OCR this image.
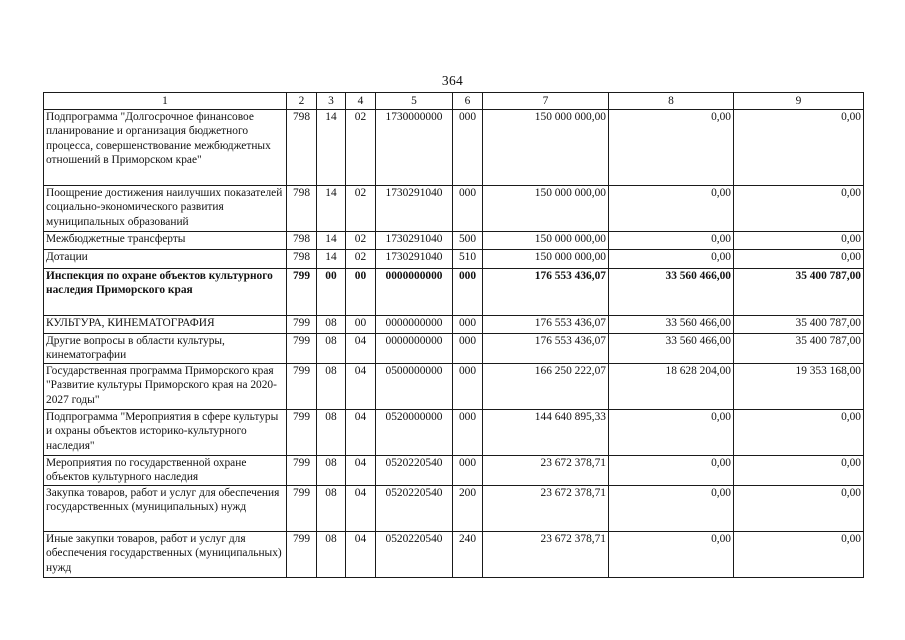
364
1	2	3	4	5	6	7	8	9
Подпрограмма "Долгосрочное финансовое планирование и организация бюджетного процесса, совершенствование межбюджетных отношений в Приморском крае"	798	14	02	1730000000	000	150 000 000,00	0,00	0,00
Поощрение достижения наилучших показателей социально-экономического развития муниципальных образований	798	14	02	1730291040	000	150 000 000,00	0,00	0,00
Межбюджетные трансферты	798	14	02	1730291040	500	150 000 000,00	0,00	0,00
Дотации	798	14	02	1730291040	510	150 000 000,00	0,00	0,00
Инспекция по охране объектов культурного наследия Приморского края	799	00	00	0000000000	000	176 553 436,07	33 560 466,00	35 400 787,00
КУЛЬТУРА, КИНЕМАТОГРАФИЯ	799	08	00	0000000000	000	176 553 436,07	33 560 466,00	35 400 787,00
Другие вопросы в области культуры, кинематографии	799	08	04	0000000000	000	176 553 436,07	33 560 466,00	35 400 787,00
Государственная программа Приморского края "Развитие культуры Приморского края на 2020-2027 годы"	799	08	04	0500000000	000	166 250 222,07	18 628 204,00	19 353 168,00
Подпрограмма "Мероприятия в сфере культуры и охраны объектов историко-культурного наследия"	799	08	04	0520000000	000	144 640 895,33	0,00	0,00
Мероприятия по государственной охране объектов культурного наследия	799	08	04	0520220540	000	23 672 378,71	0,00	0,00
Закупка товаров, работ и услуг для обеспечения государственных (муниципальных) нужд	799	08	04	0520220540	200	23 672 378,71	0,00	0,00
Иные закупки товаров, работ и услуг для обеспечения государственных (муниципальных) нужд	799	08	04	0520220540	240	23 672 378,71	0,00	0,00
